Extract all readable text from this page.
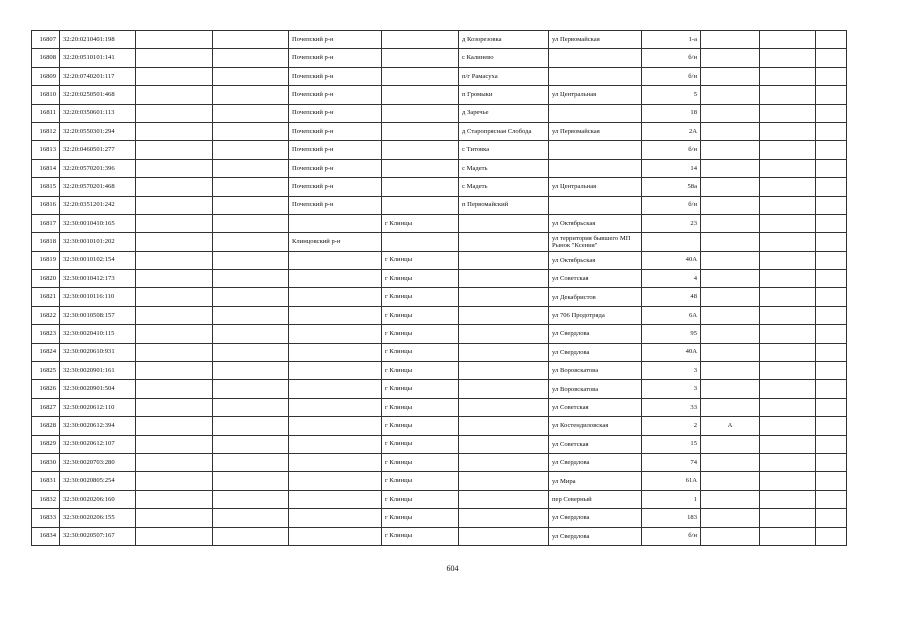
16807	32:20:0210401:198			Почепский р-н		д Козорезовка	ул Первомайская	1-а			
16808	32:20:0510101:141			Почепский р-н		с Калинево		б/н			
16809	32:20:0740201:117			Почепский р-н		п/г Рамасуха		б/н			
16810	32:20:0250501:468			Почепский р-н		п Громыки	ул Центральная	5			
16811	32:20:0350601:113			Почепский р-н		д Заречье		18			
16812	32:20:0550301:294			Почепский р-н		д Старопрясная Слобода	ул Первомайская	2А			
16813	32:20:0460501:277			Почепский р-н		с Титовка		б/н			
16814	32:20:0570201:396			Почепский р-н		с Мадеть		14			
16815	32:20:0570201:468			Почепский р-н		с Мадеть	ул Центральная	58а			
16816	32:20:0351201:242			Почепский р-н		п Первомайский		б/н			
16817	32:30:0010410:165				г Клинцы		ул Октябрьская	23			
16818	32:30:0010101:202			Клинцовский р-н			ул территория бывшего МП Рынок "Ксения"				
16819	32:30:0010102:154				г Клинцы		ул Октябрьская	40А			
16820	32:30:0010412:173				г Клинцы		ул Советская	4			
16821	32:30:0010116:110				г Клинцы		ул Декабристов	48			
16822	32:30:0010508:157				г Клинцы		ул 706 Продотряда	6А			
16823	32:30:0020410:115				г Клинцы		ул Свердлова	95			
16824	32:30:0020610:931				г Клинцы		ул Свердлова	40А			
16825	32:30:0020901:161				г Клинцы		ул Воровскатова	3			
16826	32:30:0020901:504				г Клинцы		ул Воровскатова	3			
16827	32:30:0020612:110				г Клинцы		ул Советская	33			
16828	32:30:0020612:394				г Клинцы		ул Костендиловская	2	А		
16829	32:30:0020612:107				г Клинцы		ул Советская	15			
16830	32:30:0020703:280				г Клинцы		ул Свердлова	74			
16831	32:30:0020805:254				г Клинцы		ул Мира	61А			
16832	32:30:0020206:160				г Клинцы		пер Северный	1			
16833	32:30:0020206:155				г Клинцы		ул Свердлова	183			
16834	32:30:0020507:167				г Клинцы		ул Свердлова	б/н			
604
